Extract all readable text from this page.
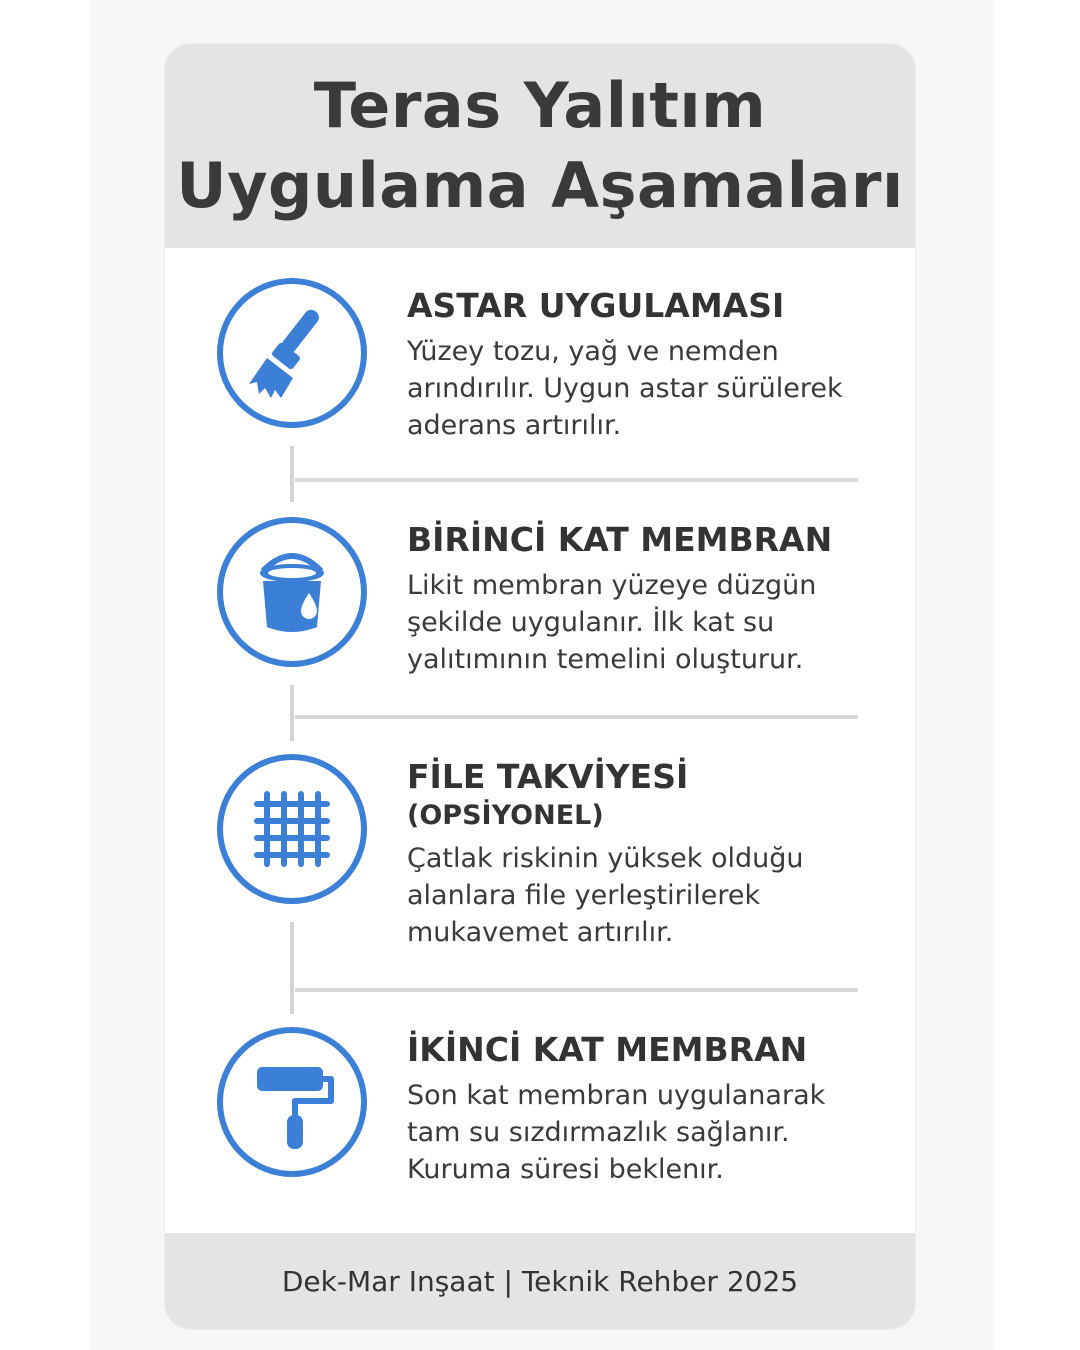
Teras Yalıtım
Uygulama Aşamaları
ASTAR UYGULAMASI
Yüzey tozu, yağ ve nemden
arındırılır. Uygun astar sürülerek
aderans artırılır.
BİRİNCİ KAT MEMBRAN
Likit membran yüzeye düzgün
şekilde uygulanır. İlk kat su
yalıtımının temelini oluşturur.
FİLE TAKVİYESİ
(OPSİYONEL)
Çatlak riskinin yüksek olduğu
alanlara file yerleştirilerek
mukavemet artırılır.
İKİNCİ KAT MEMBRAN
Son kat membran uygulanarak
tam su sızdırmazlık sağlanır.
Kuruma süresi beklenır.
Dek-Mar Inşaat | Teknik Rehber 2025
